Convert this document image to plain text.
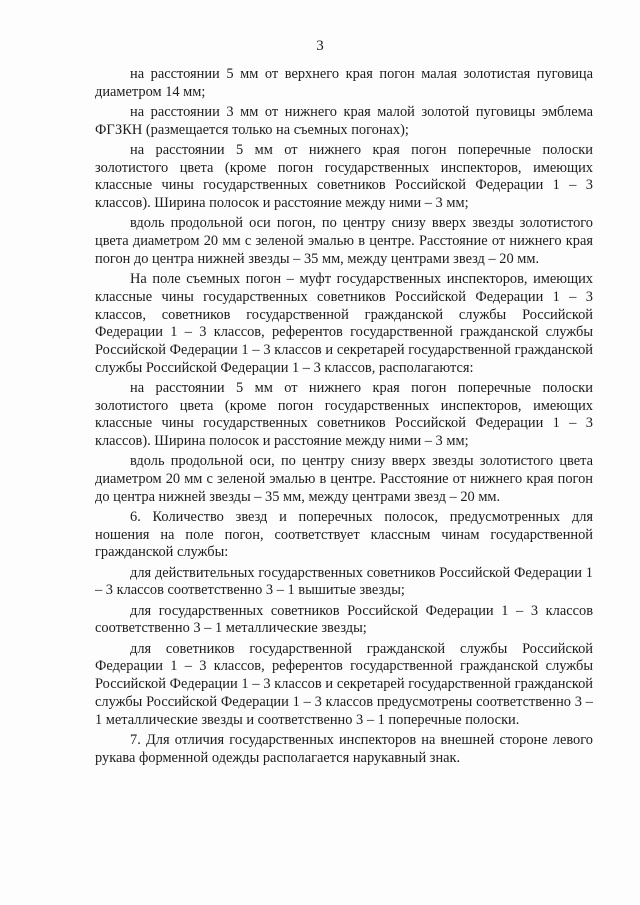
3

на расстоянии 5 мм от верхнего края погон малая золотистая пуговица диаметром 14 мм;

на расстоянии 3 мм от нижнего края малой золотой пуговицы эмблема ФГЗКН (размещается только на съемных погонах);

на расстоянии 5 мм от нижнего края погон поперечные полоски золотистого цвета (кроме погон государственных инспекторов, имеющих классные чины государственных советников Российской Федерации 1 – 3 классов). Ширина полосок и расстояние между ними – 3 мм;

вдоль продольной оси погон, по центру снизу вверх звезды золотистого цвета диаметром 20 мм с зеленой эмалью в центре. Расстояние от нижнего края погон до центра нижней звезды – 35 мм, между центрами звезд – 20 мм.

На поле съемных погон – муфт государственных инспекторов, имеющих классные чины государственных советников Российской Федерации 1 – 3 классов, советников государственной гражданской службы Российской Федерации 1 – 3 классов, референтов государственной гражданской службы Российской Федерации 1 – 3 классов и секретарей государственной гражданской службы Российской Федерации 1 – 3 классов, располагаются:

на расстоянии 5 мм от нижнего края погон поперечные полоски золотистого цвета (кроме погон государственных инспекторов, имеющих классные чины государственных советников Российской Федерации 1 – 3 классов). Ширина полосок и расстояние между ними – 3 мм;

вдоль продольной оси, по центру снизу вверх звезды золотистого цвета диаметром 20 мм с зеленой эмалью в центре. Расстояние от нижнего края погон до центра нижней звезды – 35 мм, между центрами звезд – 20 мм.

6. Количество звезд и поперечных полосок, предусмотренных для ношения на поле погон, соответствует классным чинам государственной гражданской службы:

для действительных государственных советников Российской Федерации 1 – 3 классов соответственно 3 – 1 вышитые звезды;

для государственных советников Российской Федерации 1 – 3 классов соответственно 3 – 1 металлические звезды;

для советников государственной гражданской службы Российской Федерации 1 – 3 классов, референтов государственной гражданской службы Российской Федерации 1 – 3 классов и секретарей государственной гражданской службы Российской Федерации 1 – 3 классов предусмотрены соответственно 3 – 1 металлические звезды и соответственно 3 – 1 поперечные полоски.

7. Для отличия государственных инспекторов на внешней стороне левого рукава форменной одежды располагается нарукавный знак.
